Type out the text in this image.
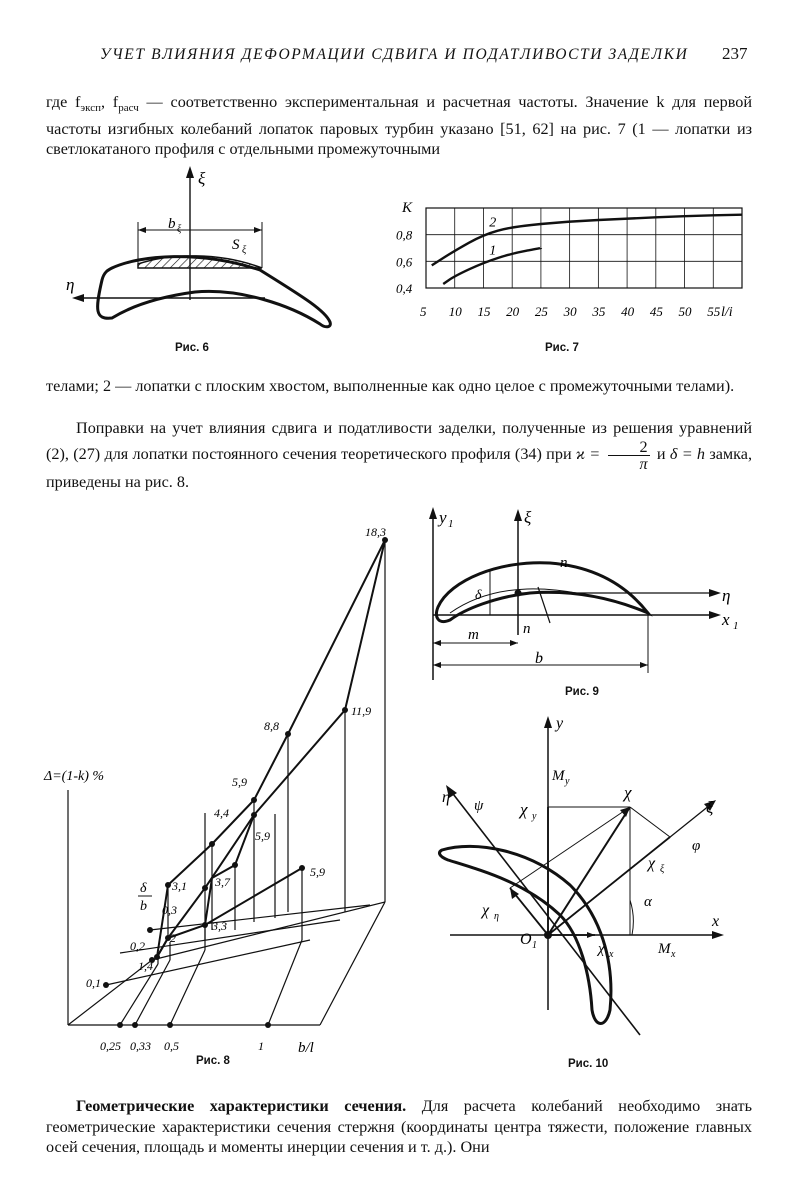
УЧЕТ ВЛИЯНИЯ ДЕФОРМАЦИИ СДВИГА И ПОДАТЛИВОСТИ ЗАДЕЛКИ 237

где $f_{эксп}$, $f_{расч}$ — соответственно экспериментальная и расчетная частоты. Значение k для первой частоты изгибных колебаний лопаток паровых турбин указано [51, 62] на рис. 7 (1 — лопатки из светлокатаного профиля с отдельными промежуточными

ξ
η
b ξ
S ξ
Рис. 6
K
0,8
0,6
0,4
5 10 15 20 25 30 35 40 45 50 55 l/i
2
1
Рис. 7

телами; 2 — лопатки с плоским хвостом, выполненные как одно целое с промежуточными телами).

Поправки на учет влияния сдвига и податливости заделки, полученные из решения уравнений (2), (27) для лопатки постоянного сечения теоретического профиля (34) при $ϰ = \frac{2}{\pi}$ и δ = h замка, приведены на рис. 8.

Δ=(1-k) %
δ
b
b/l
0,25 0,33 0,5	1
0,1
0,2
0,3
18,3
11,9
8,8
5,9
4,4
5,9
3,1 3,7
5,9
2
3,3
1,4
Рис. 8
y 1	ξ
η
x 1
n
n
δ
m
b
Рис. 9
y
M y
χ y
χ
χ ξ
ξ
φ
η ψ
χ η
α
x
O 1	χ x	M x
Рис. 10

Геометрические характеристики сечения. Для расчета колебаний необходимо знать геометрические характеристики сечения стержня (координаты центра тяжести, положение главных осей сечения, площадь и моменты инерции сечения и т. д.). Они
